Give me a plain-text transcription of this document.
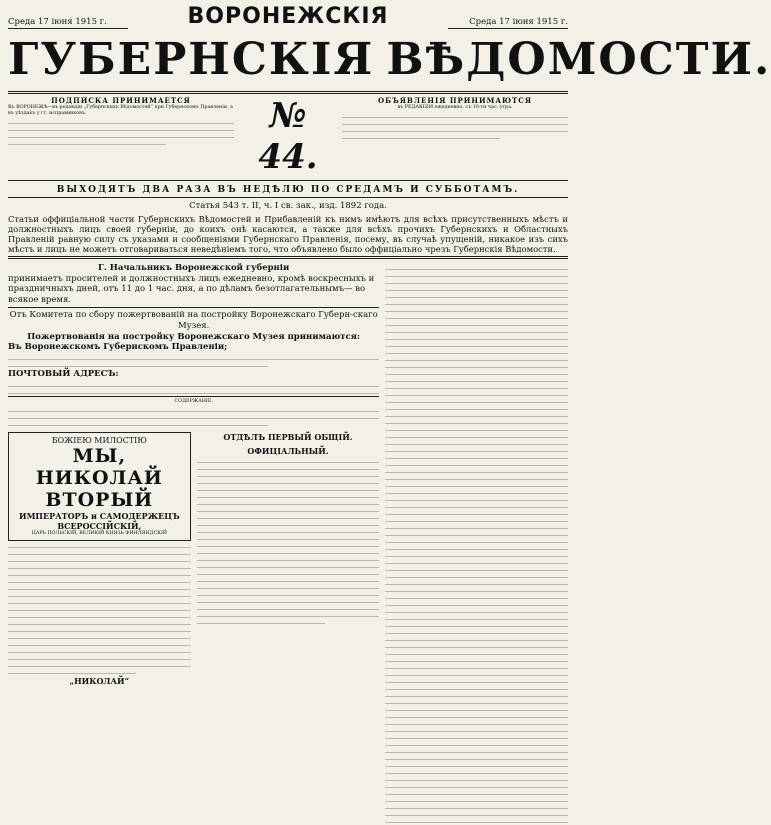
Среда 17 іюня 1915 г.	ВОРОНЕЖСКІЯ	Среда 17 іюня 1915 г.
ГУБЕРНСКІЯ ВѢДОМОСТИ.
ПОДПИСКА ПРИНИМАЕТСЯ
Въ ВОРОНЕЖѢ—въ редакціи „Губернскихъ Вѣдомостей“ при Губернскомъ Правленіи, а въ уѣздахъ у гг. исправниковъ.	№ 44.
ОБЪЯВЛЕНІЯ ПРИНИМАЮТСЯ
въ РЕДАКЦІИ ежедневно, съ 10-ти час. утра.
ВЫХОДЯТЪ ДВА РАЗА ВЪ НЕДѢЛЮ ПО СРЕДАМЪ И СУББОТАМЪ.
Статья 543 т. II, ч. I св. зак., изд. 1892 года.
Статьи оффиціальной части Губернскихъ Вѣдомостей и Прибавленій къ нимъ имѣютъ для всѣхъ присутственныхъ мѣстъ и должностныхъ лицъ своей губерніи, до коихъ онѣ касаются, а также для всѣхъ прочихъ Губернскихъ и Областныхъ Правленій равную силу съ указами и сообщеніями Губернскаго Правленія, посему, въ случаѣ упущеній, никакое изъ сихъ мѣстъ и лицъ не можетъ отговариваться неведѣніемъ того, что объявлено было оффиціально чрезъ Губернскія Вѣдомости.
Г. Начальникъ Воронежской губерніи
принимаетъ просителей и должностныхъ лицъ ежедневно, кромѣ воскресныхъ и праздничныхъ дней, отъ 11 до 1 час. дня, а по дѣламъ безотлагательнымъ— во всякое время.
Отъ Комитета по сбору пожертвованій на постройку Воронежскаго Губерн-скаго Музея.
Пожертвованія на постройку Воронежскаго Музея принимаются:
Въ Воронежскомъ Губернскомъ Правленіи;
ПОЧТОВЫЙ АДРЕСЪ:
СОДЕРЖАНІЕ.
БОЖІЕЮ МИЛОСТІЮ
МЫ, НИКОЛАЙ ВТОРЫЙ
ИМПЕРАТОРЪ и САМОДЕРЖЕЦЪ ВСЕРОССІЙСКІЙ,
ЦАРЬ ПОЛЬСКІЙ, ВЕЛИКІЙ КНЯЗЬ ФИНЛЯНДСКІЙ
„НИКОЛАЙ“
ОТДѢЛЪ ПЕРВЫЙ ОБЩІЙ.
ОФИЦІАЛЬНЫЙ.
